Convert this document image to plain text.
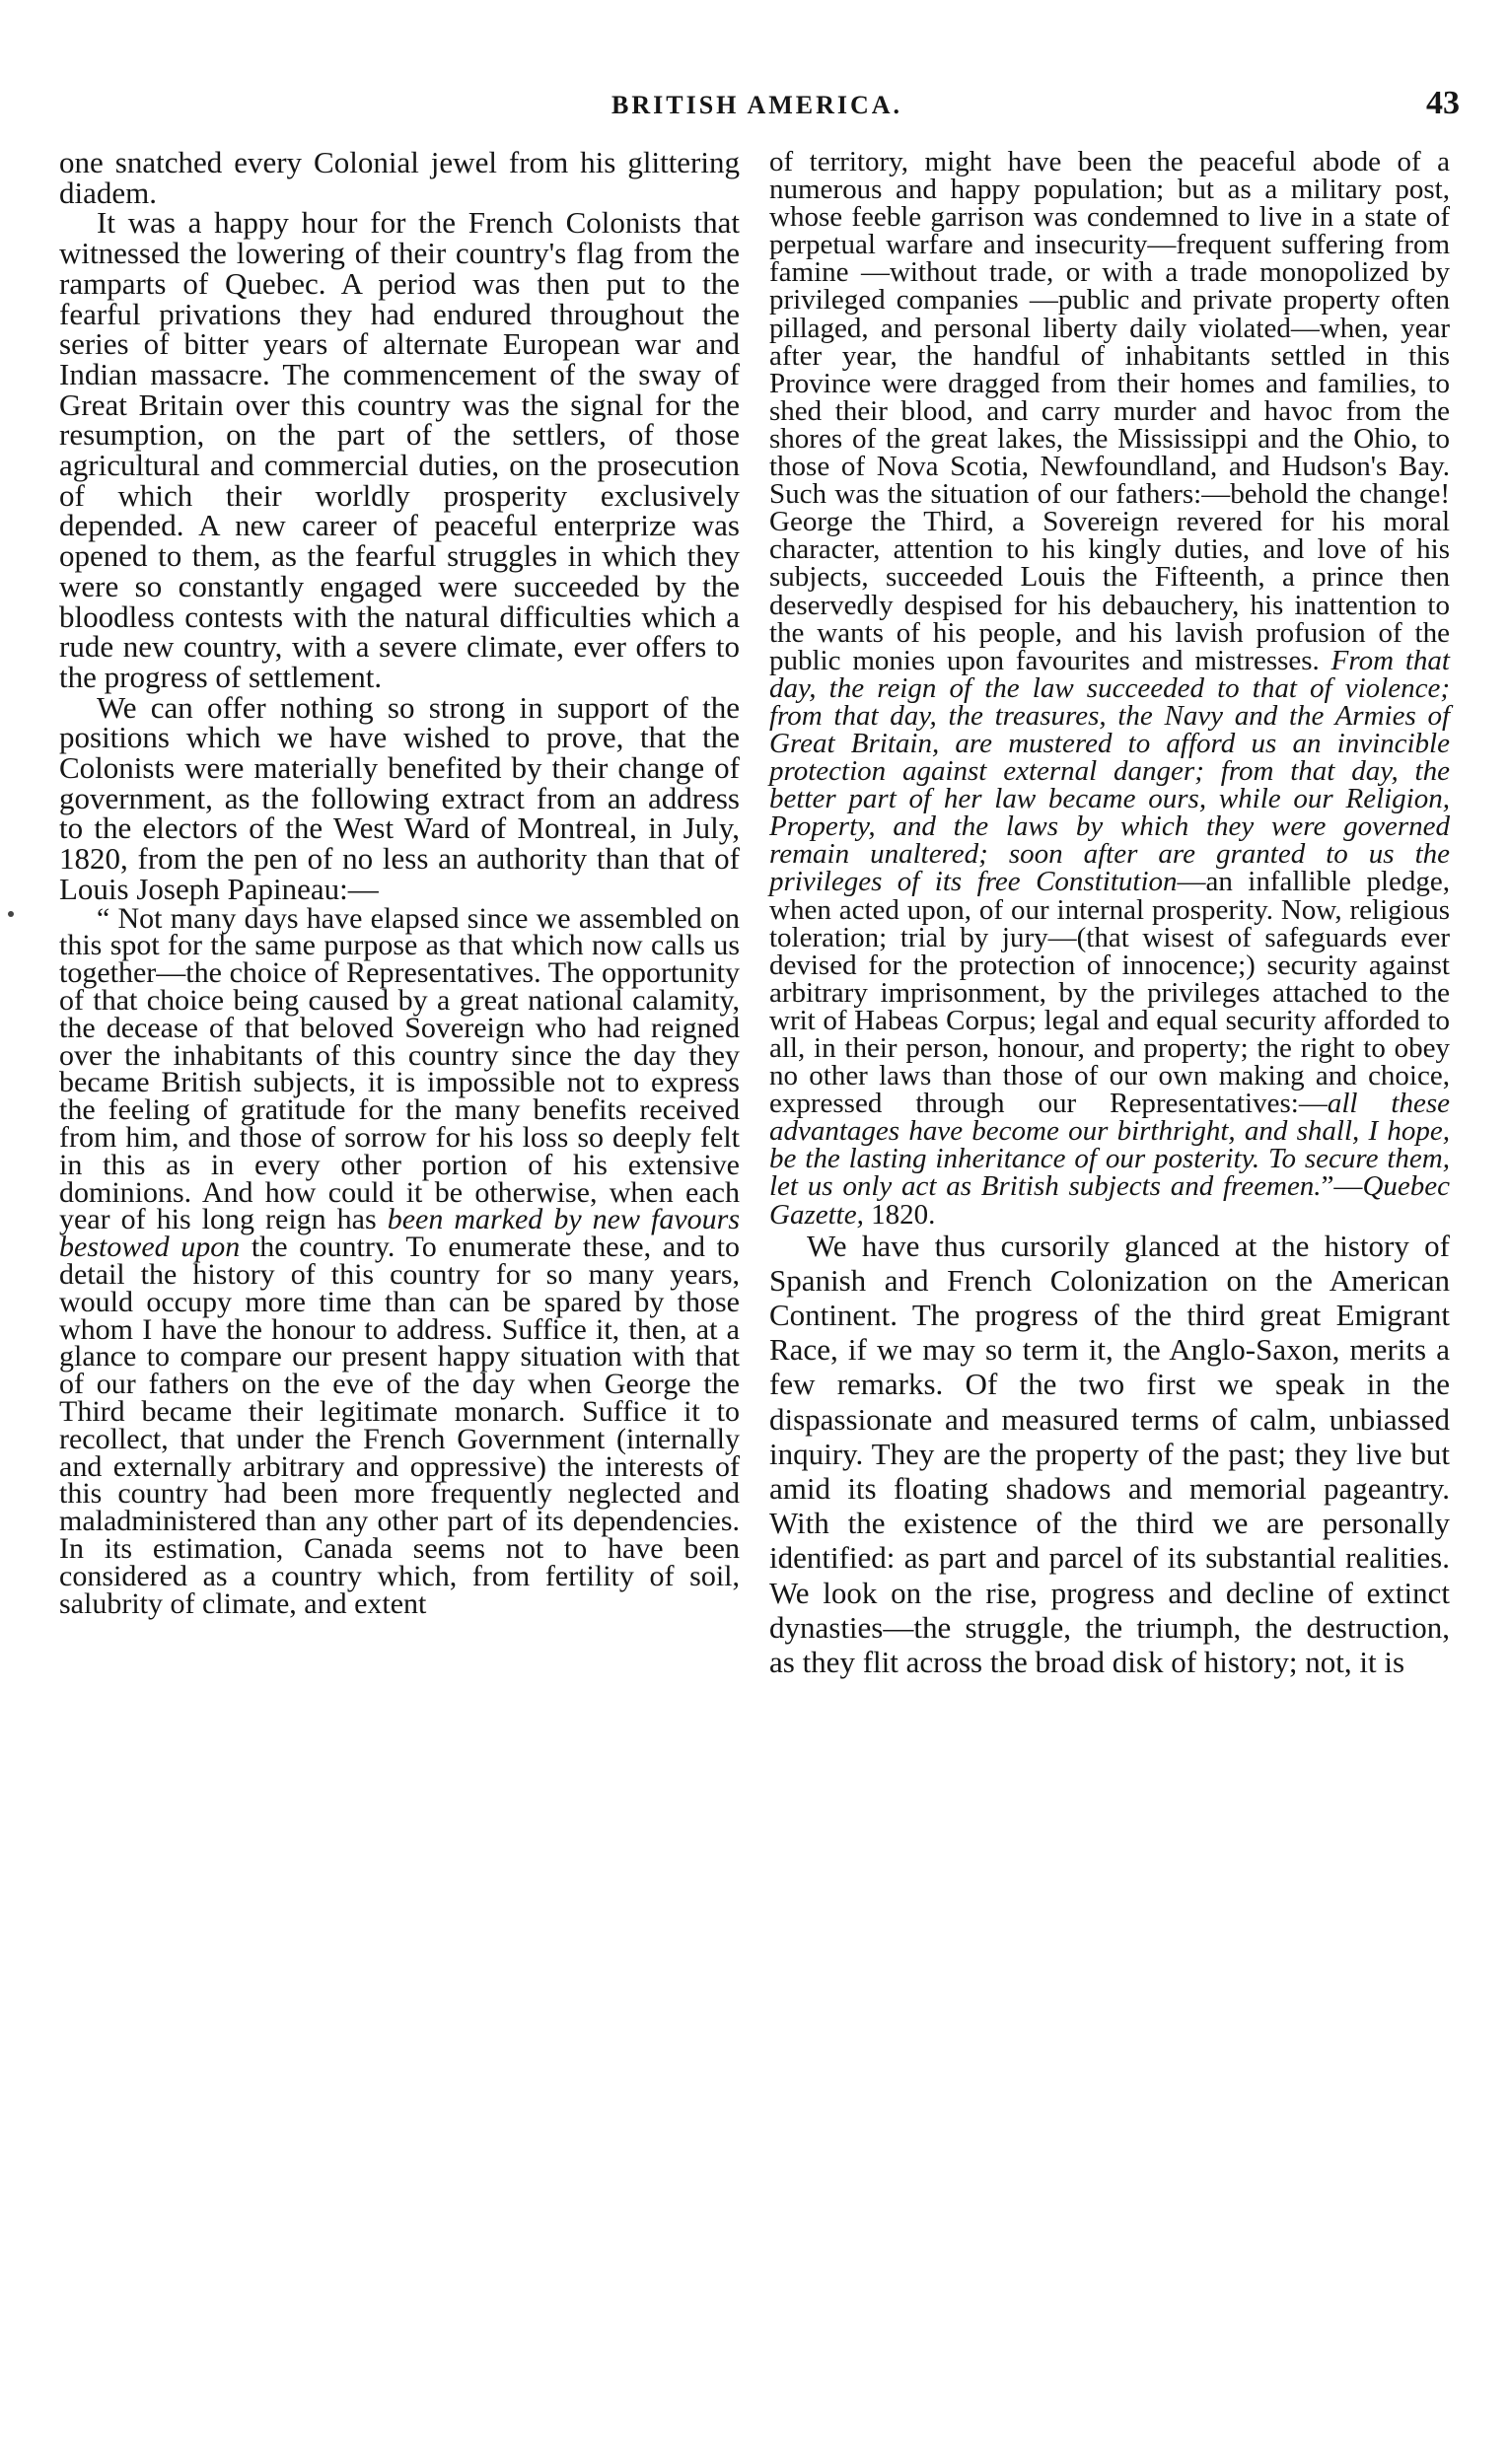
BRITISH AMERICA.	43

one snatched every Colonial jewel from his glittering diadem.

It was a happy hour for the French Colonists that witnessed the lowering of their country's flag from the ramparts of Quebec. A period was then put to the fearful privations they had endured throughout the series of bitter years of alternate European war and Indian massacre. The commencement of the sway of Great Britain over this country was the signal for the resumption, on the part of the settlers, of those agricultural and commercial duties, on the prosecution of which their worldly prosperity exclusively depended. A new career of peaceful enterprize was opened to them, as the fearful struggles in which they were so constantly engaged were succeeded by the bloodless contests with the natural difficulties which a rude new country, with a severe climate, ever offers to the progress of settlement.

We can offer nothing so strong in support of the positions which we have wished to prove, that the Colonists were materially benefited by their change of government, as the following extract from an address to the electors of the West Ward of Montreal, in July, 1820, from the pen of no less an authority than that of Louis Joseph Papineau:—

“ Not many days have elapsed since we assembled on this spot for the same purpose as that which now calls us together—the choice of Representatives. The opportunity of that choice being caused by a great national calamity, the decease of that beloved Sovereign who had reigned over the inhabitants of this country since the day they became British subjects, it is impossible not to express the feeling of gratitude for the many benefits received from him, and those of sorrow for his loss so deeply felt in this as in every other portion of his extensive dominions. And how could it be otherwise, when each year of his long reign has been marked by new favours bestowed upon the country. To enumerate these, and to detail the history of this country for so many years, would occupy more time than can be spared by those whom I have the honour to address. Suffice it, then, at a glance to compare our present happy situation with that of our fathers on the eve of the day when George the Third became their legitimate monarch. Suffice it to recollect, that under the French Government (internally and externally arbitrary and oppressive) the interests of this country had been more frequently neglected and maladministered than any other part of its dependencies. In its estimation, Canada seems not to have been considered as a country which, from fertility of soil, salubrity of climate, and extent

of territory, might have been the peaceful abode of a numerous and happy population; but as a military post, whose feeble garrison was condemned to live in a state of perpetual warfare and insecurity—frequent suffering from famine —without trade, or with a trade monopolized by privileged companies —public and private property often pillaged, and personal liberty daily violated—when, year after year, the handful of inhabitants settled in this Province were dragged from their homes and families, to shed their blood, and carry murder and havoc from the shores of the great lakes, the Mississippi and the Ohio, to those of Nova Scotia, Newfoundland, and Hudson's Bay. Such was the situation of our fathers:—behold the change! George the Third, a Sovereign revered for his moral character, attention to his kingly duties, and love of his subjects, succeeded Louis the Fifteenth, a prince then deservedly despised for his debauchery, his inattention to the wants of his people, and his lavish profusion of the public monies upon favourites and mistresses. From that day, the reign of the law succeeded to that of violence; from that day, the treasures, the Navy and the Armies of Great Britain, are mustered to afford us an invincible protection against external danger; from that day, the better part of her law became ours, while our Religion, Property, and the laws by which they were governed remain unaltered; soon after are granted to us the privileges of its free Constitution—an infallible pledge, when acted upon, of our internal prosperity. Now, religious toleration; trial by jury—(that wisest of safeguards ever devised for the protection of innocence;) security against arbitrary imprisonment, by the privileges attached to the writ of Habeas Corpus; legal and equal security afforded to all, in their person, honour, and property; the right to obey no other laws than those of our own making and choice, expressed through our Representatives:—all these advantages have become our birthright, and shall, I hope, be the lasting inheritance of our posterity. To secure them, let us only act as British subjects and freemen.”—Quebec Gazette, 1820.

We have thus cursorily glanced at the history of Spanish and French Colonization on the American Continent. The progress of the third great Emigrant Race, if we may so term it, the Anglo-Saxon, merits a few remarks. Of the two first we speak in the dispassionate and measured terms of calm, unbiassed inquiry. They are the property of the past; they live but amid its floating shadows and memorial pageantry. With the existence of the third we are personally identified: as part and parcel of its substantial realities. We look on the rise, progress and decline of extinct dynasties—the struggle, the triumph, the destruction, as they flit across the broad disk of history; not, it is
